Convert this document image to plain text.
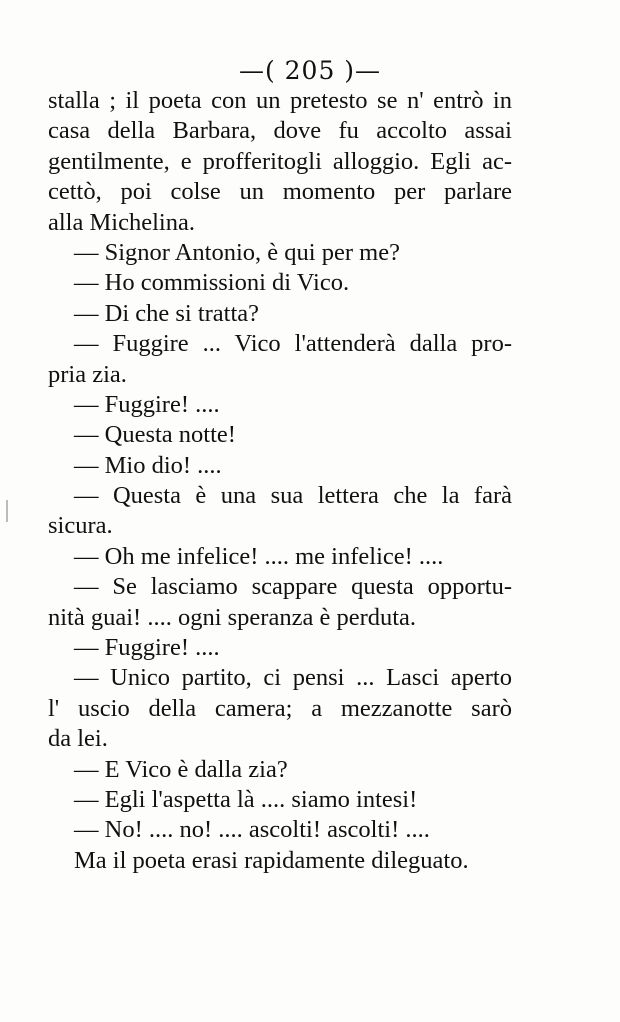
—( 205 )—
stalla ; il poeta con un pretesto se n' entrò in
casa della Barbara, dove fu accolto assai
gentilmente, e profferitogli alloggio. Egli ac-
cettò, poi colse un momento per parlare
alla Michelina.
— Signor Antonio, è qui per me?
— Ho commissioni di Vico.
— Di che si tratta?
— Fuggire ... Vico l'attenderà dalla pro-
pria zia.
— Fuggire! ....
— Questa notte!
— Mio dio! ....
— Questa è una sua lettera che la farà
sicura.
— Oh me infelice! .... me infelice! ....
— Se lasciamo scappare questa opportu-
nità guai! .... ogni speranza è perduta.
— Fuggire! ....
— Unico partito, ci pensi ... Lasci aperto
l' uscio della camera; a mezzanotte sarò
da lei.
— E Vico è dalla zia?
— Egli l'aspetta là .... siamo intesi!
— No! .... no! .... ascolti! ascolti! ....
Ma il poeta erasi rapidamente dileguato.
